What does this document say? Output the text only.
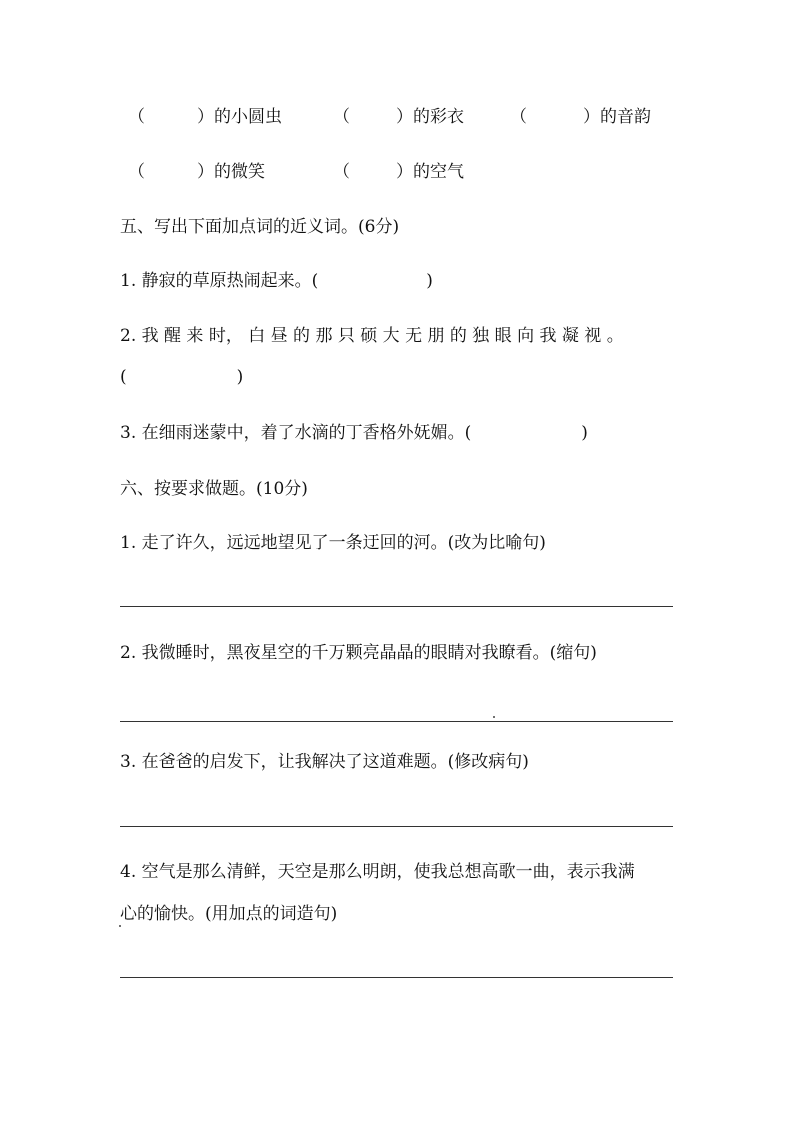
（	）的小圆虫	（	）的彩衣	（	）的音韵
（	）的微笑	（	）的空气
五、写出下面加点词的近义词。(6分)
1. 静寂的草原热闹起来。(	)
2. 我 醒 来 时， 白 昼 的 那 只 硕 大 无 朋 的 独 眼 向 我 凝 视 。
(	)
3. 在细雨迷蒙中，着了水滴的丁香格外妩媚。(	)
六、按要求做题。(10分)
1. 走了许久，远远地望见了一条迂回的河。(改为比喻句)
2. 我微睡时，黑夜星空的千万颗亮晶晶的眼睛对我瞭看。(缩句)
3. 在爸爸的启发下，让我解决了这道难题。(修改病句)
4. 空气是那么清鲜，天空是那么明朗，使我总想高歌一曲，表示我满
心的愉快。(用加点的词造句)
